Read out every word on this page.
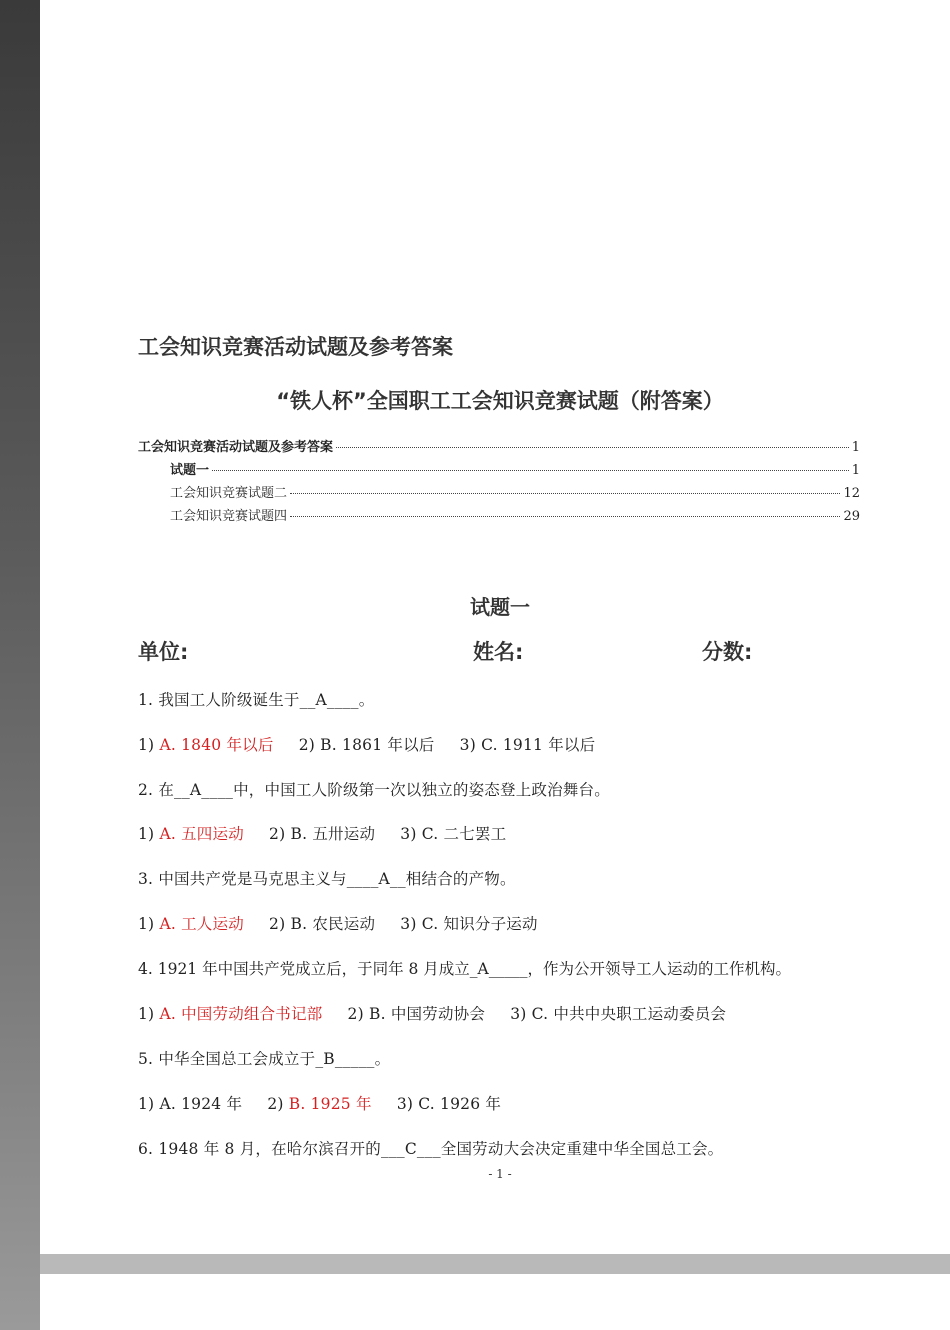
工会知识竞赛活动试题及参考答案
“铁人杯”全国职工工会知识竞赛试题（附答案）
工会知识竞赛活动试题及参考答案	1
试题一	1
工会知识竞赛试题二	12
工会知识竞赛试题四	29
试题一
单位:	姓名:	分数:
1. 我国工人阶级诞生于__A____。
1) A. 1840 年以后 2) B. 1861 年以后 3) C. 1911 年以后
2. 在__A____中，中国工人阶级第一次以独立的姿态登上政治舞台。
1) A. 五四运动 2) B. 五卅运动 3) C. 二七罢工
3. 中国共产党是马克思主义与____A__相结合的产物。
1) A. 工人运动 2) B. 农民运动 3) C. 知识分子运动
4. 1921 年中国共产党成立后，于同年 8 月成立_A_____，作为公开领导工人运动的工作机构。
1) A. 中国劳动组合书记部 2) B. 中国劳动协会 3) C. 中共中央职工运动委员会
5. 中华全国总工会成立于_B_____。
1) A. 1924 年 2) B. 1925 年 3) C. 1926 年
6. 1948 年 8 月，在哈尔滨召开的___C___全国劳动大会决定重建中华全国总工会。
- 1 -
